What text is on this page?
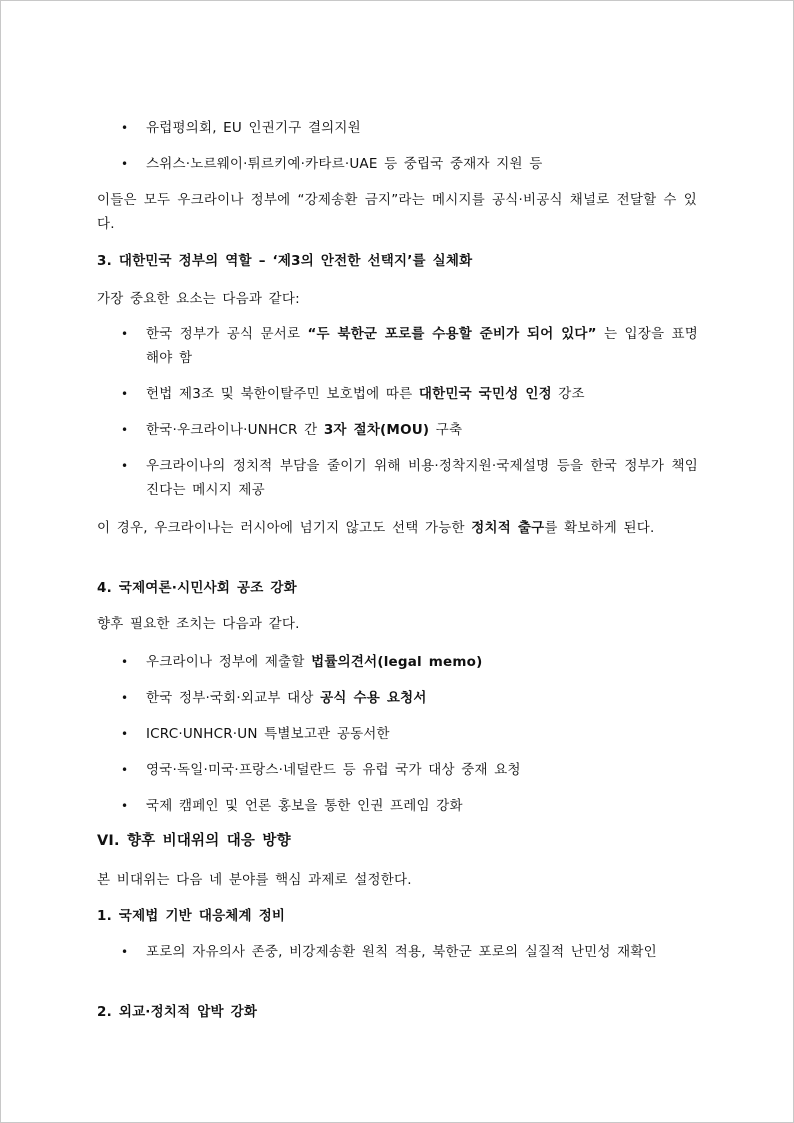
• 유럽평의회, EU 인권기구 결의지원
• 스위스·노르웨이·튀르키예·카타르·UAE 등 중립국 중재자 지원 등
이들은 모두 우크라이나 정부에 “강제송환 금지”라는 메시지를 공식·비공식 채널로 전달할 수 있다.
3. 대한민국 정부의 역할 – ‘제3의 안전한 선택지’를 실체화
가장 중요한 요소는 다음과 같다:
• 한국 정부가 공식 문서로 “두 북한군 포로를 수용할 준비가 되어 있다” 는 입장을 표명해야 함
• 헌법 제3조 및 북한이탈주민 보호법에 따른 대한민국 국민성 인정 강조
• 한국·우크라이나·UNHCR 간 3자 절차(MOU) 구축
• 우크라이나의 정치적 부담을 줄이기 위해 비용·정착지원·국제설명 등을 한국 정부가 책임진다는 메시지 제공
이 경우, 우크라이나는 러시아에 넘기지 않고도 선택 가능한 정치적 출구를 확보하게 된다.
4. 국제여론·시민사회 공조 강화
향후 필요한 조치는 다음과 같다.
• 우크라이나 정부에 제출할 법률의견서(legal memo)
• 한국 정부·국회·외교부 대상 공식 수용 요청서
• ICRC·UNHCR·UN 특별보고관 공동서한
• 영국·독일·미국·프랑스·네덜란드 등 유럽 국가 대상 중재 요청
• 국제 캠페인 및 언론 홍보을 통한 인권 프레임 강화
VI. 향후 비대위의 대응 방향
본 비대위는 다음 네 분야를 핵심 과제로 설정한다.
1. 국제법 기반 대응체계 정비
• 포로의 자유의사 존중, 비강제송환 원칙 적용, 북한군 포로의 실질적 난민성 재확인
2. 외교·정치적 압박 강화
